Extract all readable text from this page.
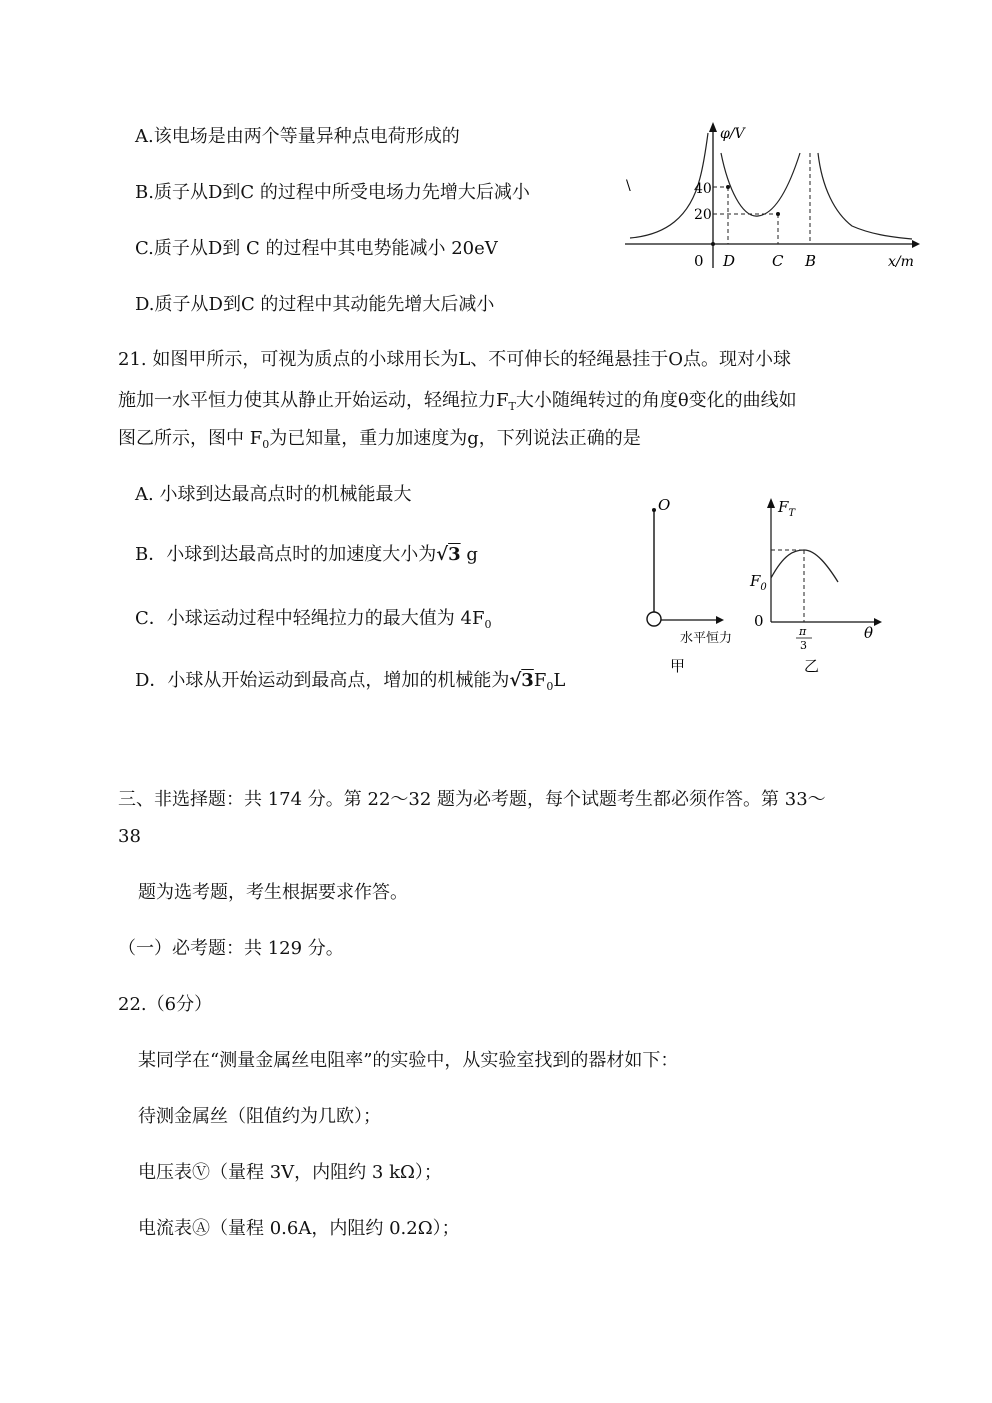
A.该电场是由两个等量异种点电荷形成的
B.质子从D到C 的过程中所受电场力先增大后减小
C.质子从D到 C 的过程中其电势能减小 20eV
D.质子从D到C 的过程中其动能先增大后减小
φ/V
x/m
0
40
20
D C B
\
21. 如图甲所示，可视为质点的小球用长为L、不可伸长的轻绳悬挂于O点。现对小球
施加一水平恒力使其从静止开始运动，轻绳拉力$F_T$大小随绳转过的角度θ变化的曲线如
图乙所示，图中 $F_0$为已知量，重力加速度为g，下列说法正确的是
A. 小球到达最高点时的机械能最大
B．小球到达最高点时的加速度大小为√3 g
C．小球运动过程中轻绳拉力的最大值为 $4F_0$
D．小球从开始运动到最高点，增加的机械能为$√3F_0L$
O
水平恒力
甲
$F_T$
$F_0$
0
π
3
θ
乙
三、非选择题：共 174 分。第 22～32 题为必考题，每个试题考生都必须作答。第 33～
38
题为选考题，考生根据要求作答。
（一）必考题：共 129 分。
22.（6分）
某同学在“测量金属丝电阻率”的实验中，从实验室找到的器材如下：
待测金属丝（阻值约为几欧）；
电压表Ⓥ（量程 3V，内阻约 3 kΩ）；
电流表Ⓐ（量程 0.6A，内阻约 0.2Ω）；
